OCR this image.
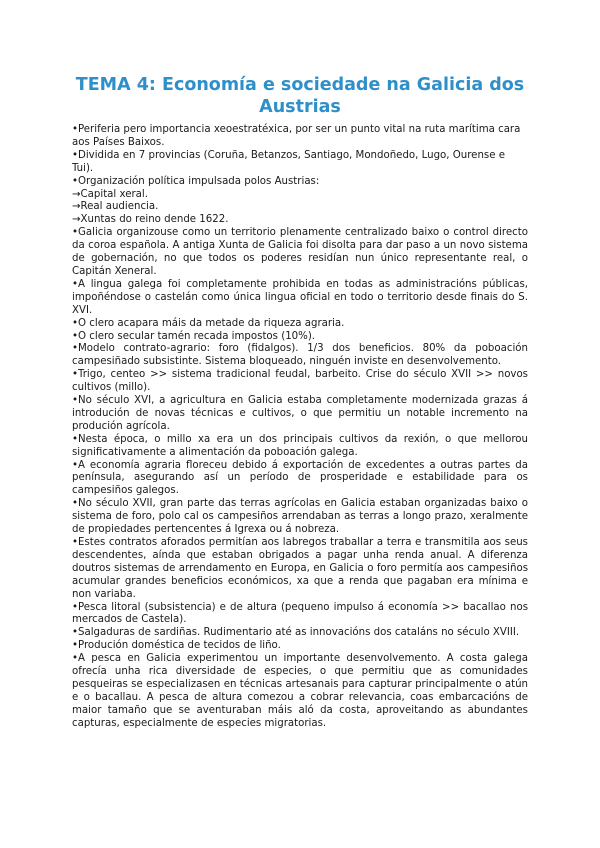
TEMA 4: Economía e sociedade na Galicia dos Austrias

•Periferia pero importancia xeoestratéxica, por ser un punto vital na ruta marítima cara aos Países Baixos.

•Dividida en 7 provincias (Coruña, Betanzos, Santiago, Mondoñedo, Lugo, Ourense e Tui).

•Organización política impulsada polos Austrias:

→Capital xeral.

→Real audiencia.

→Xuntas do reino dende 1622.

•Galicia organizouse como un territorio plenamente centralizado baixo o control directo da coroa española. A antiga Xunta de Galicia foi disolta para dar paso a un novo sistema de gobernación, no que todos os poderes residían nun único representante real, o Capitán Xeneral.

•A lingua galega foi completamente prohibida en todas as administracións públicas, impoñéndose o castelán como única lingua oficial en todo o territorio desde finais do S. XVI.

•O clero acapara máis da metade da riqueza agraria.

•O clero secular tamén recada impostos (10%).

•Modelo contrato-agrario: foro (fidalgos). 1/3 dos beneficios. 80% da poboación campesiñado subsistinte. Sistema bloqueado, ninguén inviste en desenvolvemento.

•Trigo, centeo >> sistema tradicional feudal, barbeito. Crise do século XVII >> novos cultivos (millo).

•No século XVI, a agricultura en Galicia estaba completamente modernizada grazas á introdución de novas técnicas e cultivos, o que permitiu un notable incremento na produción agrícola.

•Nesta época, o millo xa era un dos principais cultivos da rexión, o que mellorou significativamente a alimentación da poboación galega.

•A economía agraria floreceu debido á exportación de excedentes a outras partes da península, asegurando así un período de prosperidade e estabilidade para os campesiños galegos.

•No século XVII, gran parte das terras agrícolas en Galicia estaban organizadas baixo o sistema de foro, polo cal os campesiños arrendaban as terras a longo prazo, xeralmente de propiedades pertencentes á Igrexa ou á nobreza.

•Estes contratos aforados permitían aos labregos traballar a terra e transmitila aos seus descendentes, aínda que estaban obrigados a pagar unha renda anual. A diferenza doutros sistemas de arrendamento en Europa, en Galicia o foro permitía aos campesiños acumular grandes beneficios económicos, xa que a renda que pagaban era mínima e non variaba.

•Pesca litoral (subsistencia) e de altura (pequeno impulso á economía >> bacallao nos mercados de Castela).

•Salgaduras de sardiñas. Rudimentario até as innovacións dos cataláns no século XVIII.

•Produción doméstica de tecidos de liño.

•A pesca en Galicia experimentou un importante desenvolvemento. A costa galega ofrecía unha rica diversidade de especies, o que permitiu que as comunidades pesqueiras se especializasen en técnicas artesanais para capturar principalmente o atún e o bacallau. A pesca de altura comezou a cobrar relevancia, coas embarcacións de maior tamaño que se aventuraban máis aló da costa, aproveitando as abundantes capturas, especialmente de especies migratorias.
